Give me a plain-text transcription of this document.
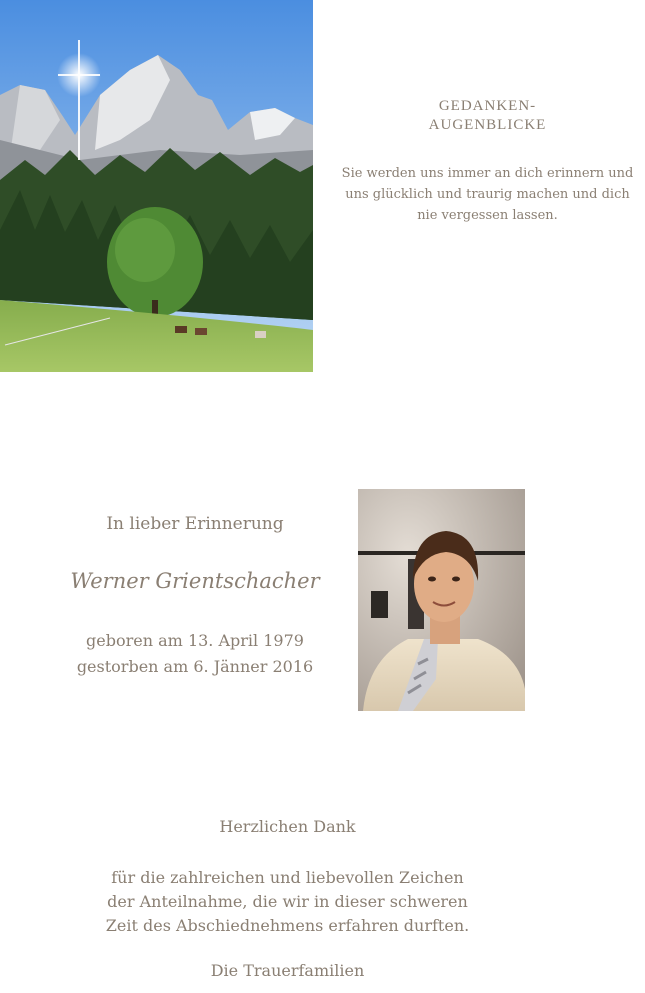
GEDANKEN-
AUGENBLICKE
Sie werden uns immer an dich erinnern und
uns glücklich und traurig machen und dich
nie vergessen lassen.
In lieber Erinnerung
Werner Grientschacher
geboren am 13. April 1979
gestorben am 6. Jänner 2016
Herzlichen Dank
für die zahlreichen und liebevollen Zeichen
der Anteilnahme, die wir in dieser schweren
Zeit des Abschiednehmens erfahren durften.
Die Trauerfamilien
